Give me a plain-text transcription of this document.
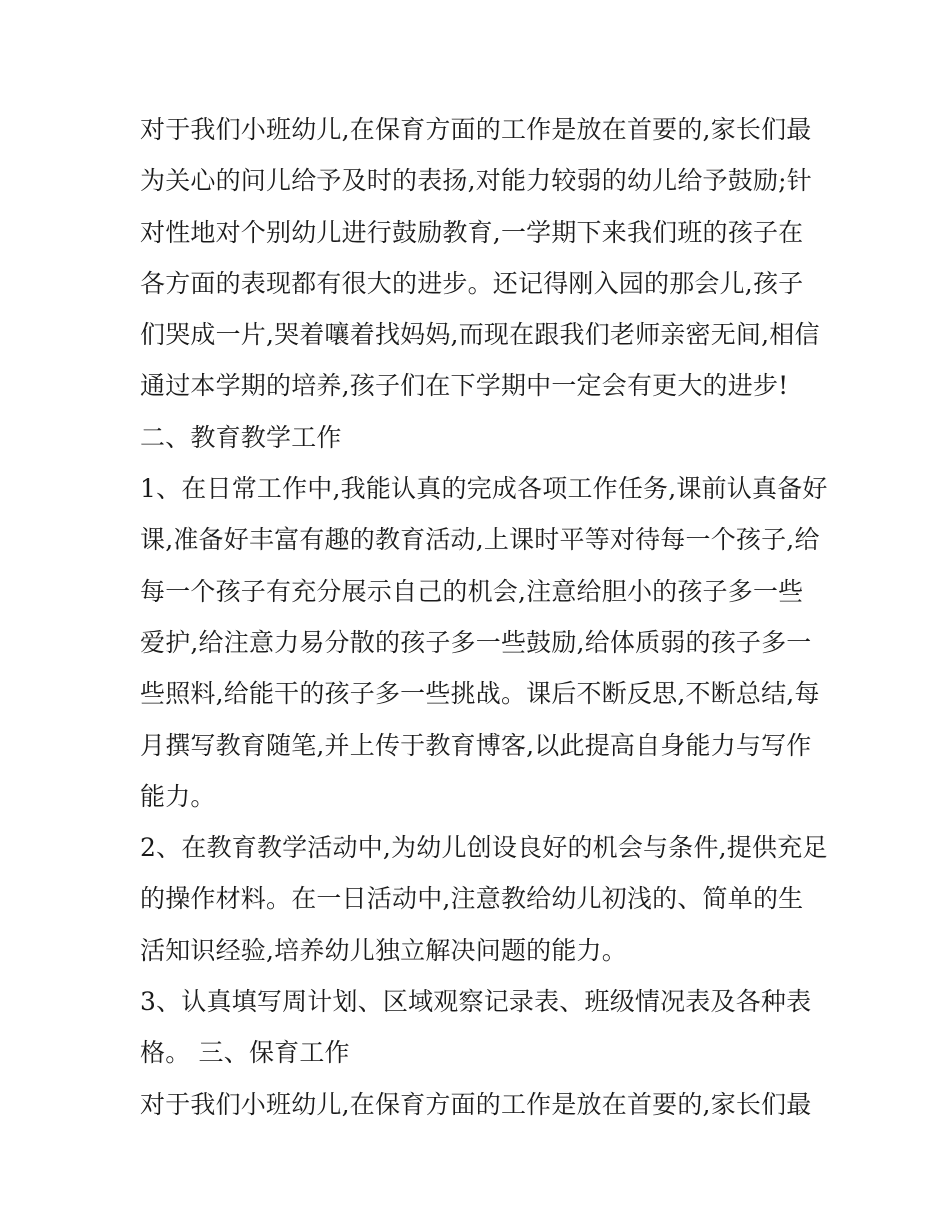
对于我们小班幼儿,在保育方面的工作是放在首要的,家长们最
为关心的问儿给予及时的表扬,对能力较弱的幼儿给予鼓励;针
对性地对个别幼儿进行鼓励教育,一学期下来我们班的孩子在
各方面的表现都有很大的进步。还记得刚入园的那会儿,孩子
们哭成一片,哭着嚷着找妈妈,而现在跟我们老师亲密无间,相信
通过本学期的培养,孩子们在下学期中一定会有更大的进步!
二、教育教学工作
1、在日常工作中,我能认真的完成各项工作任务,课前认真备好
课,准备好丰富有趣的教育活动,上课时平等对待每一个孩子,给
每一个孩子有充分展示自己的机会,注意给胆小的孩子多一些
爱护,给注意力易分散的孩子多一些鼓励,给体质弱的孩子多一
些照料,给能干的孩子多一些挑战。课后不断反思,不断总结,每
月撰写教育随笔,并上传于教育博客,以此提高自身能力与写作
能力。
2、在教育教学活动中,为幼儿创设良好的机会与条件,提供充足
的操作材料。在一日活动中,注意教给幼儿初浅的、简单的生
活知识经验,培养幼儿独立解决问题的能力。
3、认真填写周计划、区域观察记录表、班级情况表及各种表
格。 三、保育工作
对于我们小班幼儿,在保育方面的工作是放在首要的,家长们最
